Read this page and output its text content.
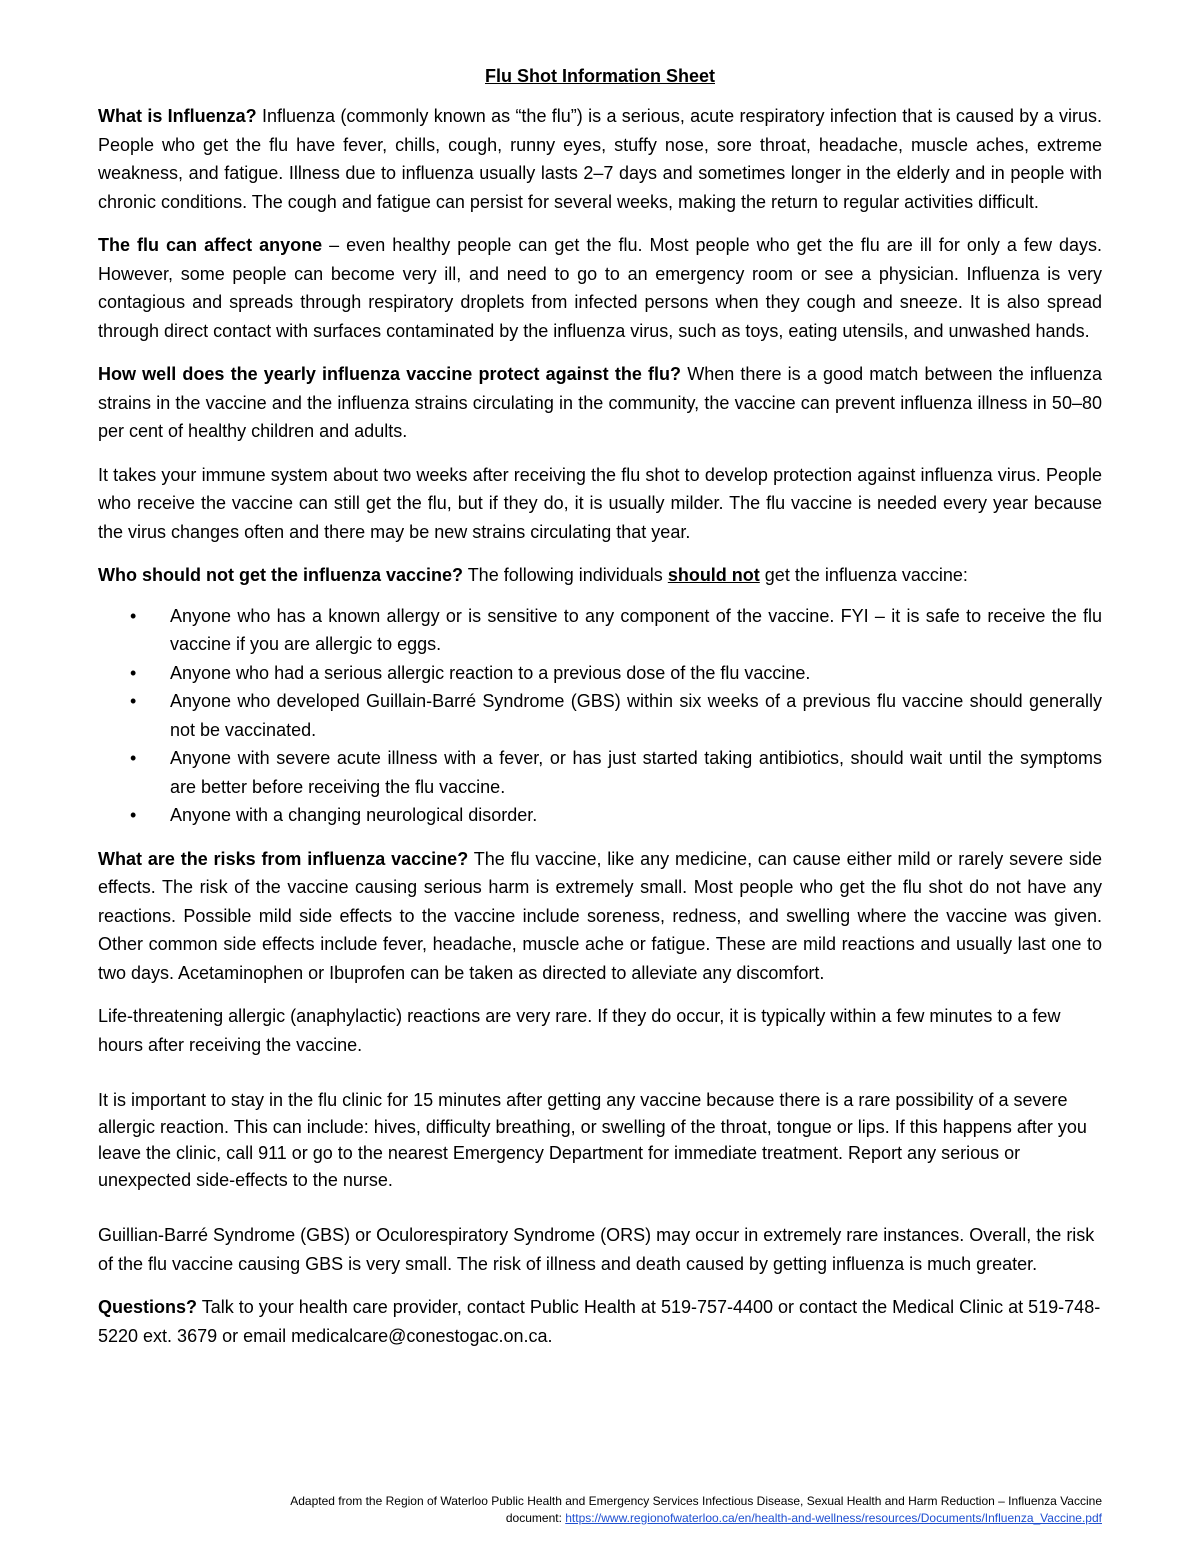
Flu Shot Information Sheet

What is Influenza? Influenza (commonly known as “the flu”) is a serious, acute respiratory infection that is caused by a virus. People who get the flu have fever, chills, cough, runny eyes, stuffy nose, sore throat, headache, muscle aches, extreme weakness, and fatigue. Illness due to influenza usually lasts 2–7 days and sometimes longer in the elderly and in people with chronic conditions. The cough and fatigue can persist for several weeks, making the return to regular activities difficult.

The flu can affect anyone – even healthy people can get the flu. Most people who get the flu are ill for only a few days. However, some people can become very ill, and need to go to an emergency room or see a physician. Influenza is very contagious and spreads through respiratory droplets from infected persons when they cough and sneeze. It is also spread through direct contact with surfaces contaminated by the influenza virus, such as toys, eating utensils, and unwashed hands.

How well does the yearly influenza vaccine protect against the flu? When there is a good match between the influenza strains in the vaccine and the influenza strains circulating in the community, the vaccine can prevent influenza illness in 50–80 per cent of healthy children and adults.

It takes your immune system about two weeks after receiving the flu shot to develop protection against influenza virus. People who receive the vaccine can still get the flu, but if they do, it is usually milder. The flu vaccine is needed every year because the virus changes often and there may be new strains circulating that year.

Who should not get the influenza vaccine? The following individuals should not get the influenza vaccine:

• Anyone who has a known allergy or is sensitive to any component of the vaccine. FYI – it is safe to receive the flu vaccine if you are allergic to eggs.
• Anyone who had a serious allergic reaction to a previous dose of the flu vaccine.
• Anyone who developed Guillain-Barré Syndrome (GBS) within six weeks of a previous flu vaccine should generally not be vaccinated.
• Anyone with severe acute illness with a fever, or has just started taking antibiotics, should wait until the symptoms are better before receiving the flu vaccine.
• Anyone with a changing neurological disorder.

What are the risks from influenza vaccine? The flu vaccine, like any medicine, can cause either mild or rarely severe side effects. The risk of the vaccine causing serious harm is extremely small. Most people who get the flu shot do not have any reactions. Possible mild side effects to the vaccine include soreness, redness, and swelling where the vaccine was given. Other common side effects include fever, headache, muscle ache or fatigue. These are mild reactions and usually last one to two days. Acetaminophen or Ibuprofen can be taken as directed to alleviate any discomfort.

Life-threatening allergic (anaphylactic) reactions are very rare. If they do occur, it is typically within a few minutes to a few hours after receiving the vaccine.

It is important to stay in the flu clinic for 15 minutes after getting any vaccine because there is a rare possibility of a severe allergic reaction. This can include: hives, difficulty breathing, or swelling of the throat, tongue or lips. If this happens after you leave the clinic, call 911 or go to the nearest Emergency Department for immediate treatment. Report any serious or unexpected side-effects to the nurse.

Guillian-Barré Syndrome (GBS) or Oculorespiratory Syndrome (ORS) may occur in extremely rare instances. Overall, the risk of the flu vaccine causing GBS is very small. The risk of illness and death caused by getting influenza is much greater.

Questions? Talk to your health care provider, contact Public Health at 519-757-4400 or contact the Medical Clinic at 519-748-5220 ext. 3679 or email medicalcare@conestogac.on.ca.

Adapted from the Region of Waterloo Public Health and Emergency Services Infectious Disease, Sexual Health and Harm Reduction – Influenza Vaccine
document: https://www.regionofwaterloo.ca/en/health-and-wellness/resources/Documents/Influenza_Vaccine.pdf
